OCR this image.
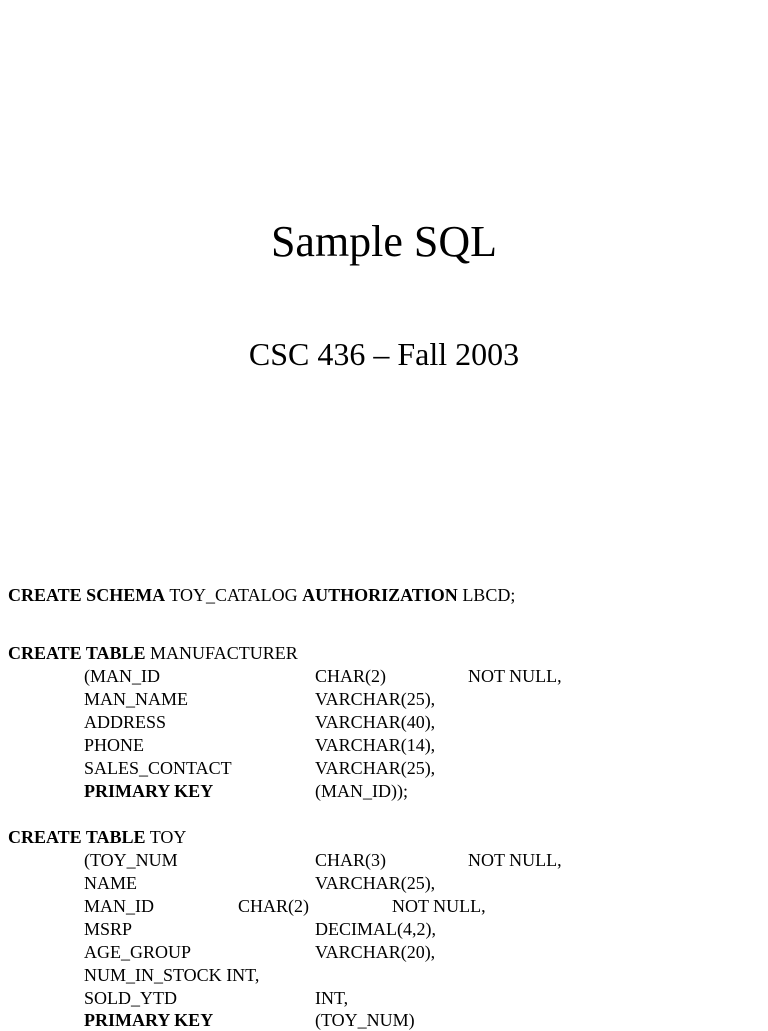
Sample SQL
CSC 436 – Fall 2003
CREATE SCHEMA TOY_CATALOG AUTHORIZATION LBCD;
CREATE TABLE MANUFACTURER
(MAN_ID	CHAR(2)	NOT NULL,
MAN_NAME	VARCHAR(25),
ADDRESS	VARCHAR(40),
PHONE	VARCHAR(14),
SALES_CONTACT	VARCHAR(25),
PRIMARY KEY	(MAN_ID));
CREATE TABLE TOY
(TOY_NUM	CHAR(3)	NOT NULL,
NAME	VARCHAR(25),
MAN_ID	CHAR(2)	NOT NULL,
MSRP	DECIMAL(4,2),
AGE_GROUP	VARCHAR(20),
NUM_IN_STOCK INT,
SOLD_YTD	INT,
PRIMARY KEY	(TOY_NUM)
